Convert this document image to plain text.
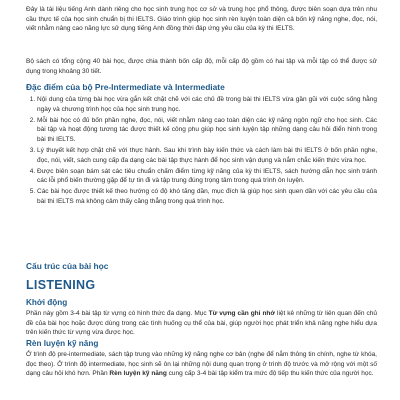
Đây là tài liệu tiếng Anh dành riêng cho học sinh trung học cơ sở và trung học phổ thông, được biên soạn dựa trên nhu cầu thực tế của học sinh chuẩn bị thi IELTS. Giáo trình giúp học sinh rèn luyện toàn diện cả bốn kỹ năng nghe, đọc, nói, viết nhằm nâng cao năng lực sử dụng tiếng Anh đồng thời đáp ứng yêu cầu của kỳ thi IELTS.

Bộ sách có tổng cộng 40 bài học, được chia thành bốn cấp độ, mỗi cấp độ gồm có hai tập và mỗi tập có thể được sử dụng trong khoảng 30 tiết.

Đặc điểm của bộ Pre-Intermediate và Intermediate
1. Nội dung của từng bài học vừa gắn kết chặt chẽ với các chủ đề trong bài thi IELTS vừa gần gũi với cuộc sống hằng ngày và chương trình học của học sinh trung học.
2. Mỗi bài học có đủ bốn phần nghe, đọc, nói, viết nhằm nâng cao toàn diện các kỹ năng ngôn ngữ cho học sinh. Các bài tập và hoạt động tương tác được thiết kế công phu giúp học sinh luyện tập những dạng câu hỏi điển hình trong bài thi IELTS.
3. Lý thuyết kết hợp chặt chẽ với thực hành. Sau khi trình bày kiến thức và cách làm bài thi IELTS ở bốn phần nghe, đọc, nói, viết, sách cung cấp đa dạng các bài tập thực hành để học sinh vận dụng và nắm chắc kiến thức vừa học.
4. Được biên soạn bám sát các tiêu chuẩn chấm điểm từng kỹ năng của kỳ thi IELTS, sách hướng dẫn học sinh tránh các lỗi phổ biến thường gặp để tự tin đi và tập trung đúng trọng tâm trong quá trình ôn luyện.
5. Các bài học được thiết kế theo hướng có độ khó tăng dần, mục đích là giúp học sinh quen dần với các yêu cầu của bài thi IELTS mà không cảm thấy căng thẳng trong quá trình học.
Cấu trúc của bài học
LISTENING
Khởi động

Phần này gồm 3-4 bài tập từ vựng có hình thức đa dạng. Mục Từ vựng cần ghi nhớ liệt kê những từ liên quan đến chủ đề của bài học hoặc được dùng trong các tình huống cụ thể của bài, giúp người học phát triển khả năng nghe hiểu dựa trên kiến thức từ vựng vừa được học.

Rèn luyện kỹ năng

Ở trình độ pre-intermediate, sách tập trung vào những kỹ năng nghe cơ bản (nghe để nắm thông tin chính, nghe từ khóa, đọc theo). Ở trình độ intermediate, học sinh sẽ ôn lại những nội dung quan trọng ở trình độ trước và mở rộng với một số dạng câu hỏi khó hơn. Phần Rèn luyện kỹ năng cung cấp 3-4 bài tập kiểm tra mức độ tiếp thu kiến thức của người học.
